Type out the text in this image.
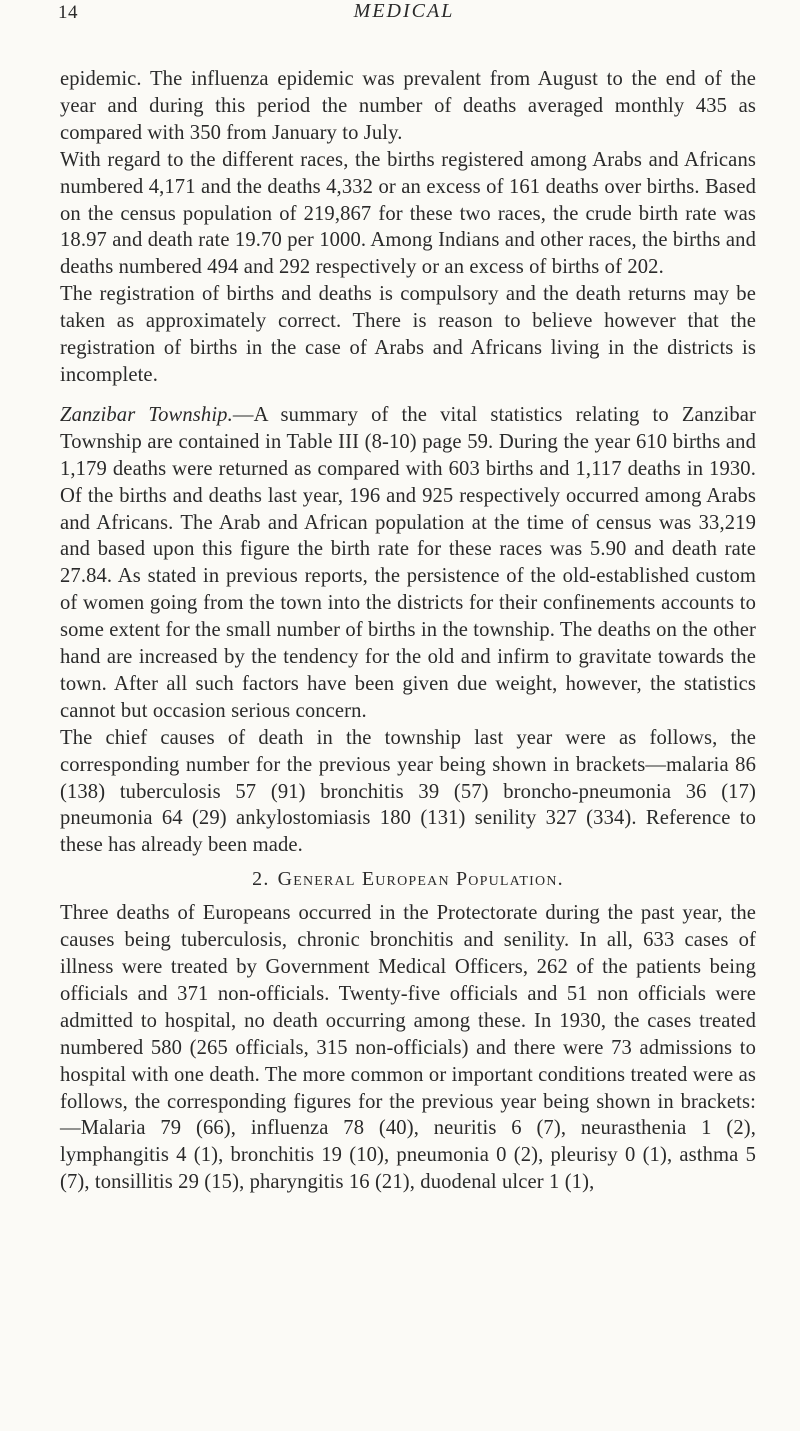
14	MEDICAL

epidemic. The influenza epidemic was prevalent from August to the end of the year and during this period the number of deaths averaged monthly 435 as compared with 350 from January to July.

With regard to the different races, the births registered among Arabs and Africans numbered 4,171 and the deaths 4,332 or an excess of 161 deaths over births. Based on the census population of 219,867 for these two races, the crude birth rate was 18.97 and death rate 19.70 per 1000. Among Indians and other races, the births and deaths numbered 494 and 292 respectively or an excess of births of 202.

The registration of births and deaths is compulsory and the death returns may be taken as approximately correct. There is reason to believe however that the registration of births in the case of Arabs and Africans living in the districts is incomplete.

Zanzibar Township.—A summary of the vital statistics relating to Zanzibar Township are contained in Table III (8-10) page 59. During the year 610 births and 1,179 deaths were returned as compared with 603 births and 1,117 deaths in 1930. Of the births and deaths last year, 196 and 925 respectively occurred among Arabs and Africans. The Arab and African population at the time of census was 33,219 and based upon this figure the birth rate for these races was 5.90 and death rate 27.84. As stated in previous reports, the persistence of the old-established custom of women going from the town into the districts for their confinements accounts to some extent for the small number of births in the township. The deaths on the other hand are increased by the tendency for the old and infirm to gravitate towards the town. After all such factors have been given due weight, however, the statistics cannot but occasion serious concern.

The chief causes of death in the township last year were as follows, the corresponding number for the previous year being shown in brackets—malaria 86 (138) tuberculosis 57 (91) bronchitis 39 (57) broncho-pneumonia 36 (17) pneumonia 64 (29) ankylostomiasis 180 (131) senility 327 (334). Reference to these has already been made.

2. General European Population.

Three deaths of Europeans occurred in the Protectorate during the past year, the causes being tuberculosis, chronic bronchitis and senility. In all, 633 cases of illness were treated by Government Medical Officers, 262 of the patients being officials and 371 non-officials. Twenty-five officials and 51 non officials were admitted to hospital, no death occurring among these. In 1930, the cases treated numbered 580 (265 officials, 315 non-officials) and there were 73 admissions to hospital with one death. The more common or important conditions treated were as follows, the corresponding figures for the previous year being shown in brackets:—Malaria 79 (66), influenza 78 (40), neuritis 6 (7), neurasthenia 1 (2), lymphangitis 4 (1), bronchitis 19 (10), pneumonia 0 (2), pleurisy 0 (1), asthma 5 (7), tonsillitis 29 (15), pharyngitis 16 (21), duodenal ulcer 1 (1),
